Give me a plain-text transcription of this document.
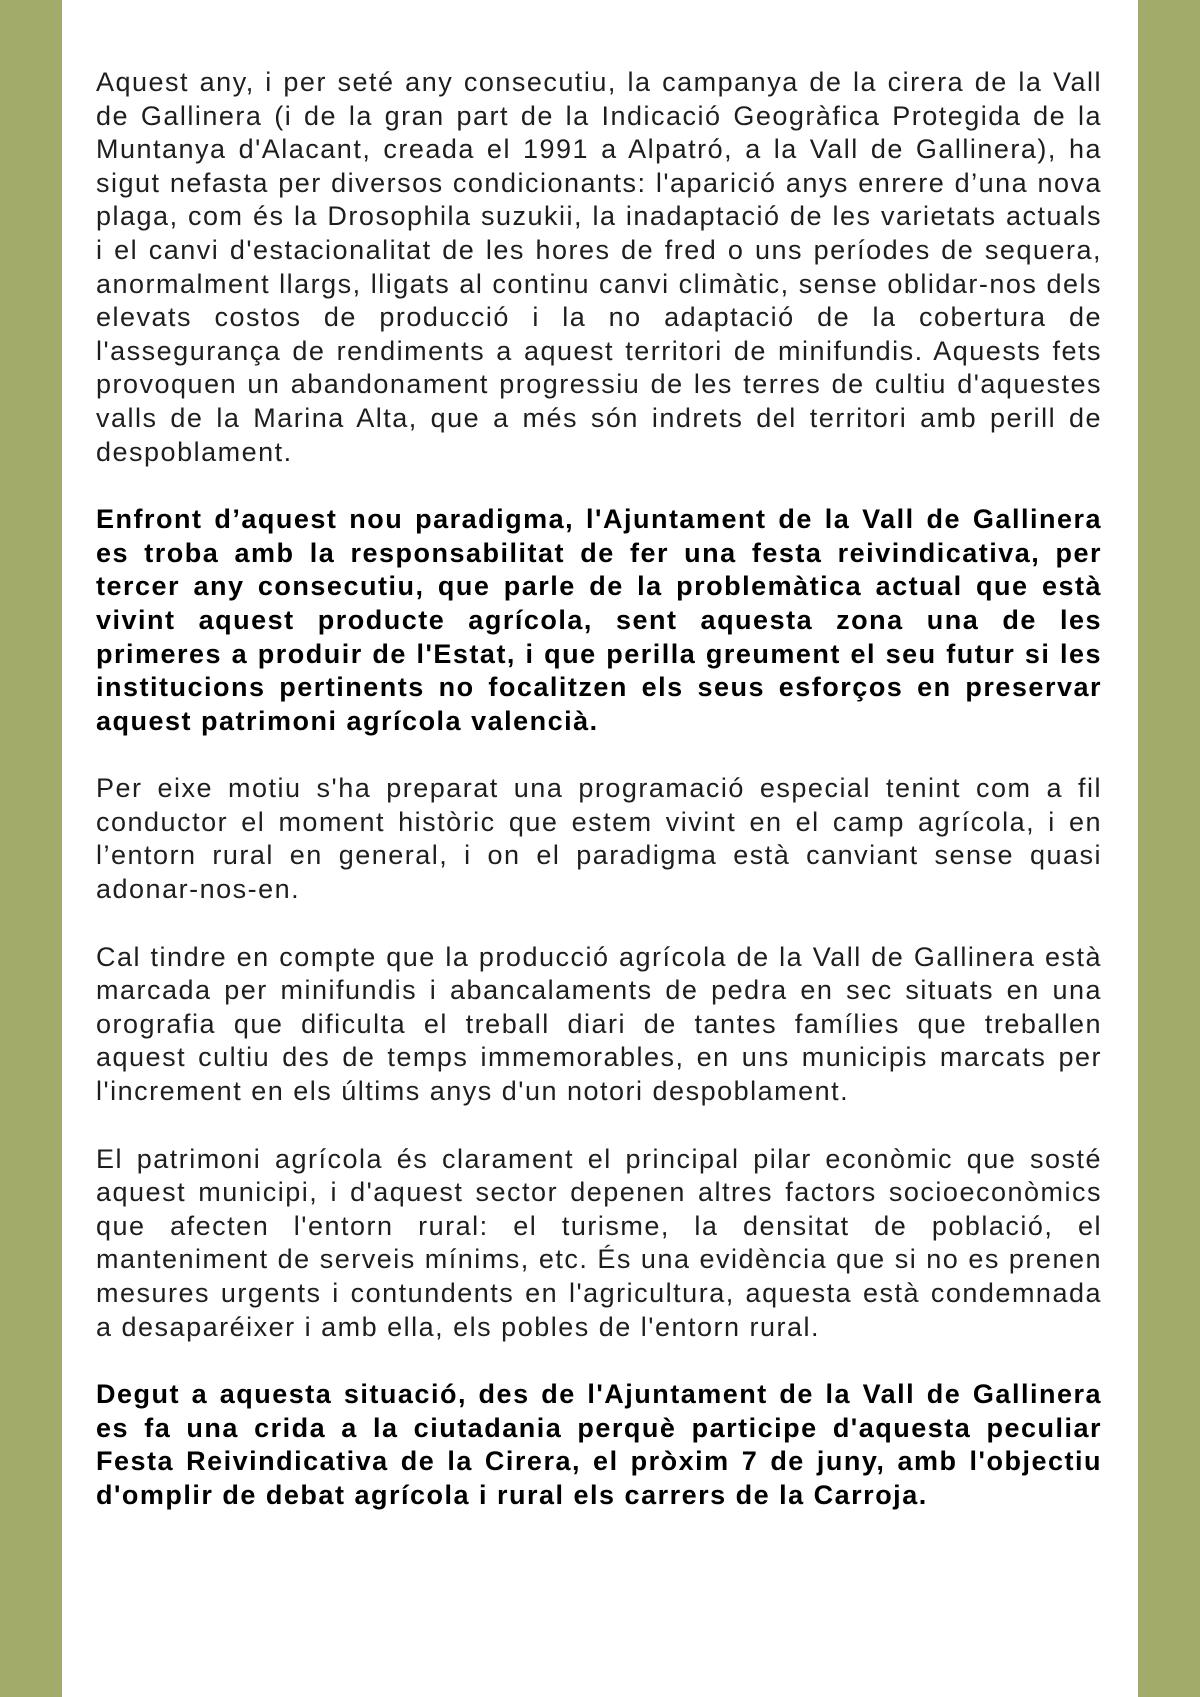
Aquest any, i per seté any consecutiu, la campanya de la cirera de la Vall de Gallinera (i de la gran part de la Indicació Geogràfica Protegida de la Muntanya d'Alacant, creada el 1991 a Alpatró, a la Vall de Gallinera), ha sigut nefasta per diversos condicionants: l'aparició anys enrere d’una nova plaga, com és la Drosophila suzukii, la inadaptació de les varietats actuals i el canvi d'estacionalitat de les hores de fred o uns períodes de sequera, anormalment llargs, lligats al continu canvi climàtic, sense oblidar-nos dels elevats costos de producció i la no adaptació de la cobertura de l'assegurança de rendiments a aquest territori de minifundis. Aquests fets provoquen un abandonament progressiu de les terres de cultiu d'aquestes valls de la Marina Alta, que a més són indrets del territori amb perill de despoblament.

Enfront d’aquest nou paradigma, l'Ajuntament de la Vall de Gallinera es troba amb la responsabilitat de fer una festa reivindicativa, per tercer any consecutiu, que parle de la problemàtica actual que està vivint aquest producte agrícola, sent aquesta zona una de les primeres a produir de l'Estat, i que perilla greument el seu futur si les institucions pertinents no focalitzen els seus esforços en preservar aquest patrimoni agrícola valencià.

Per eixe motiu s'ha preparat una programació especial tenint com a fil conductor el moment històric que estem vivint en el camp agrícola, i en l’entorn rural en general, i on el paradigma està canviant sense quasi adonar-nos-en.

Cal tindre en compte que la producció agrícola de la Vall de Gallinera està marcada per minifundis i abancalaments de pedra en sec situats en una orografia que dificulta el treball diari de tantes famílies que treballen aquest cultiu des de temps immemorables, en uns municipis marcats per l'increment en els últims anys d'un notori despoblament.

El patrimoni agrícola és clarament el principal pilar econòmic que sosté aquest municipi, i d'aquest sector depenen altres factors socioeconòmics que afecten l'entorn rural: el turisme, la densitat de població, el manteniment de serveis mínims, etc. És una evidència que si no es prenen mesures urgents i contundents en l'agricultura, aquesta està condemnada a desaparéixer i amb ella, els pobles de l'entorn rural.

Degut a aquesta situació, des de l'Ajuntament de la Vall de Gallinera es fa una crida a la ciutadania perquè participe d'aquesta peculiar Festa Reivindicativa de la Cirera, el pròxim 7 de juny, amb l'objectiu d'omplir de debat agrícola i rural els carrers de la Carroja.
